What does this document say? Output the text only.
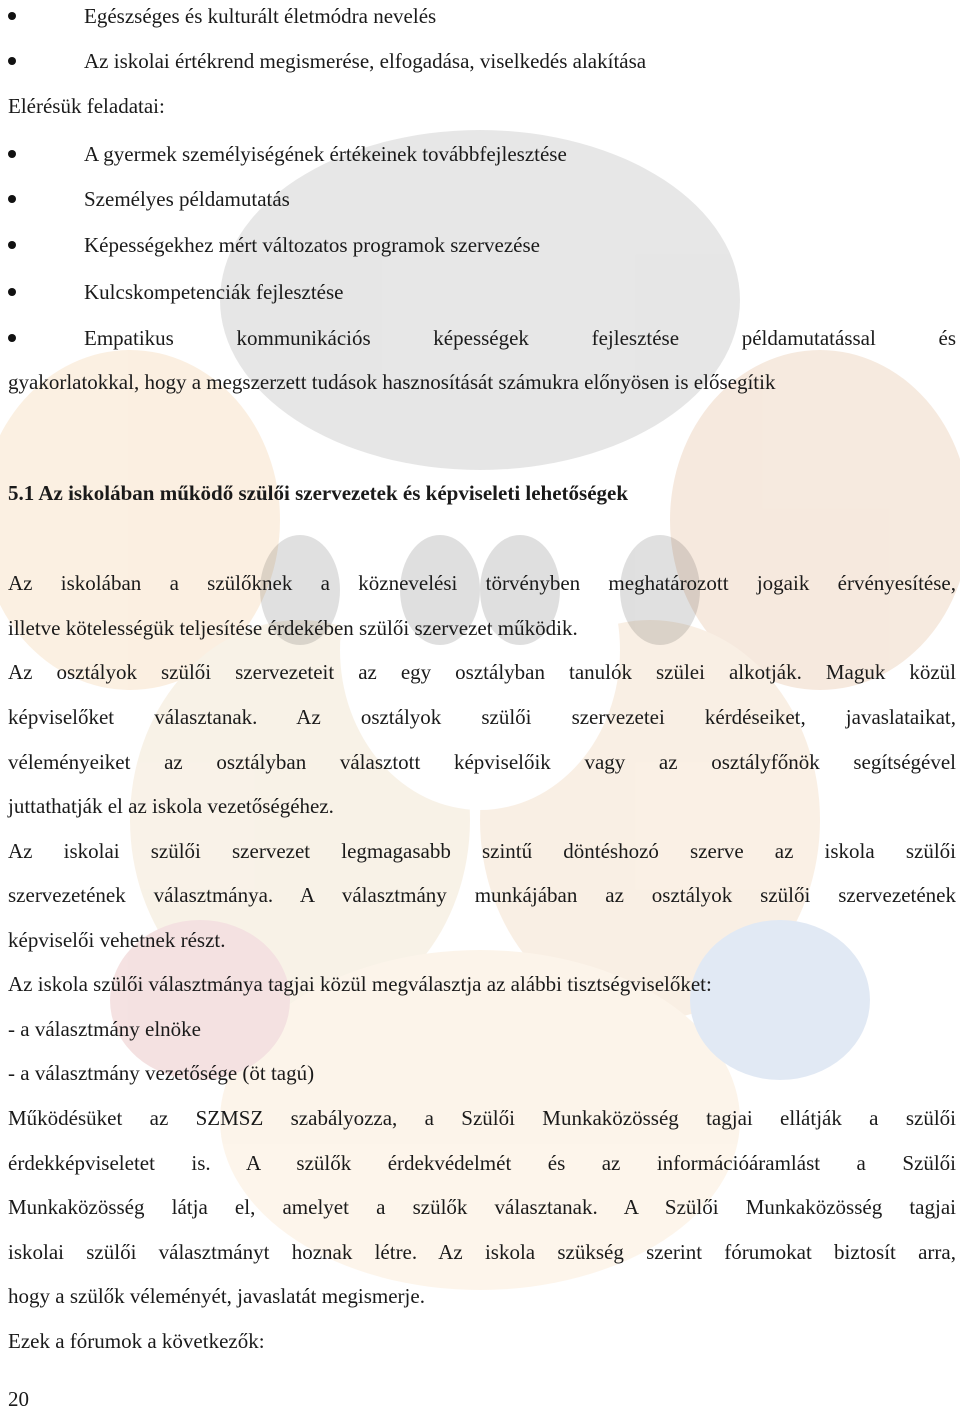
Egészséges és kulturált életmódra nevelés
Az iskolai értékrend megismerése, elfogadása, viselkedés alakítása
Elérésük feladatai:
A gyermek személyiségének értékeinek továbbfejlesztése
Személyes példamutatás
Képességekhez mért változatos programok szervezése
Kulcskompetenciák fejlesztése
Empatikus kommunikációs képességek fejlesztése példamutatással és
gyakorlatokkal, hogy a megszerzett tudások hasznosítását számukra előnyösen is elősegítik
5.1 Az iskolában működő szülői szervezetek és képviseleti lehetőségek
Az iskolában a szülőknek a köznevelési törvényben meghatározott jogaik érvényesítése,
illetve kötelességük teljesítése érdekében szülői szervezet működik.
Az osztályok szülői szervezeteit az egy osztályban tanulók szülei alkotják. Maguk közül
képviselőket választanak. Az osztályok szülői szervezetei kérdéseiket, javaslataikat,
véleményeiket az osztályban választott képviselőik vagy az osztályfőnök segítségével
juttathatják el az iskola vezetőségéhez.
Az iskolai szülői szervezet legmagasabb szintű döntéshozó szerve az iskola szülői
szervezetének választmánya. A választmány munkájában az osztályok szülői szervezetének
képviselői vehetnek részt.
Az iskola szülői választmánya tagjai közül megválasztja az alábbi tisztségviselőket:
- a választmány elnöke
- a választmány vezetősége (öt tagú)
Működésüket az SZMSZ szabályozza, a Szülői Munkaközösség tagjai ellátják a szülői
érdekképviseletet is. A szülők érdekvédelmét és az információáramlást a Szülői
Munkaközösség látja el, amelyet a szülők választanak. A Szülői Munkaközösség tagjai
iskolai szülői választmányt hoznak létre. Az iskola szükség szerint fórumokat biztosít arra,
hogy a szülők véleményét, javaslatát megismerje.
Ezek a fórumok a következők:
20
